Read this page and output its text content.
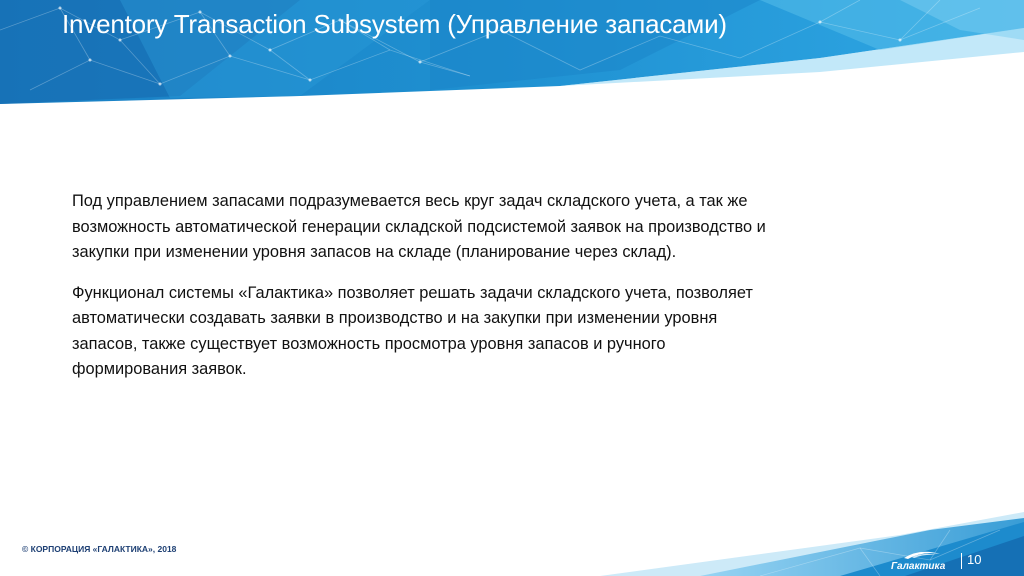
Inventory Transaction Subsystem (Управление запасами)

Под управлением запасами подразумевается весь круг задач складского учета, а так же возможность автоматической генерации складской подсистемой заявок на производство и закупки при изменении уровня запасов на складе (планирование через склад).

Функционал системы «Галактика» позволяет решать задачи складского учета, позволяет автоматически создавать заявки в производство и на закупки при изменении уровня запасов, также существует возможность просмотра уровня запасов и ручного формирования заявок.

© КОРПОРАЦИЯ «ГАЛАКТИКА», 2018
Галактика 10
